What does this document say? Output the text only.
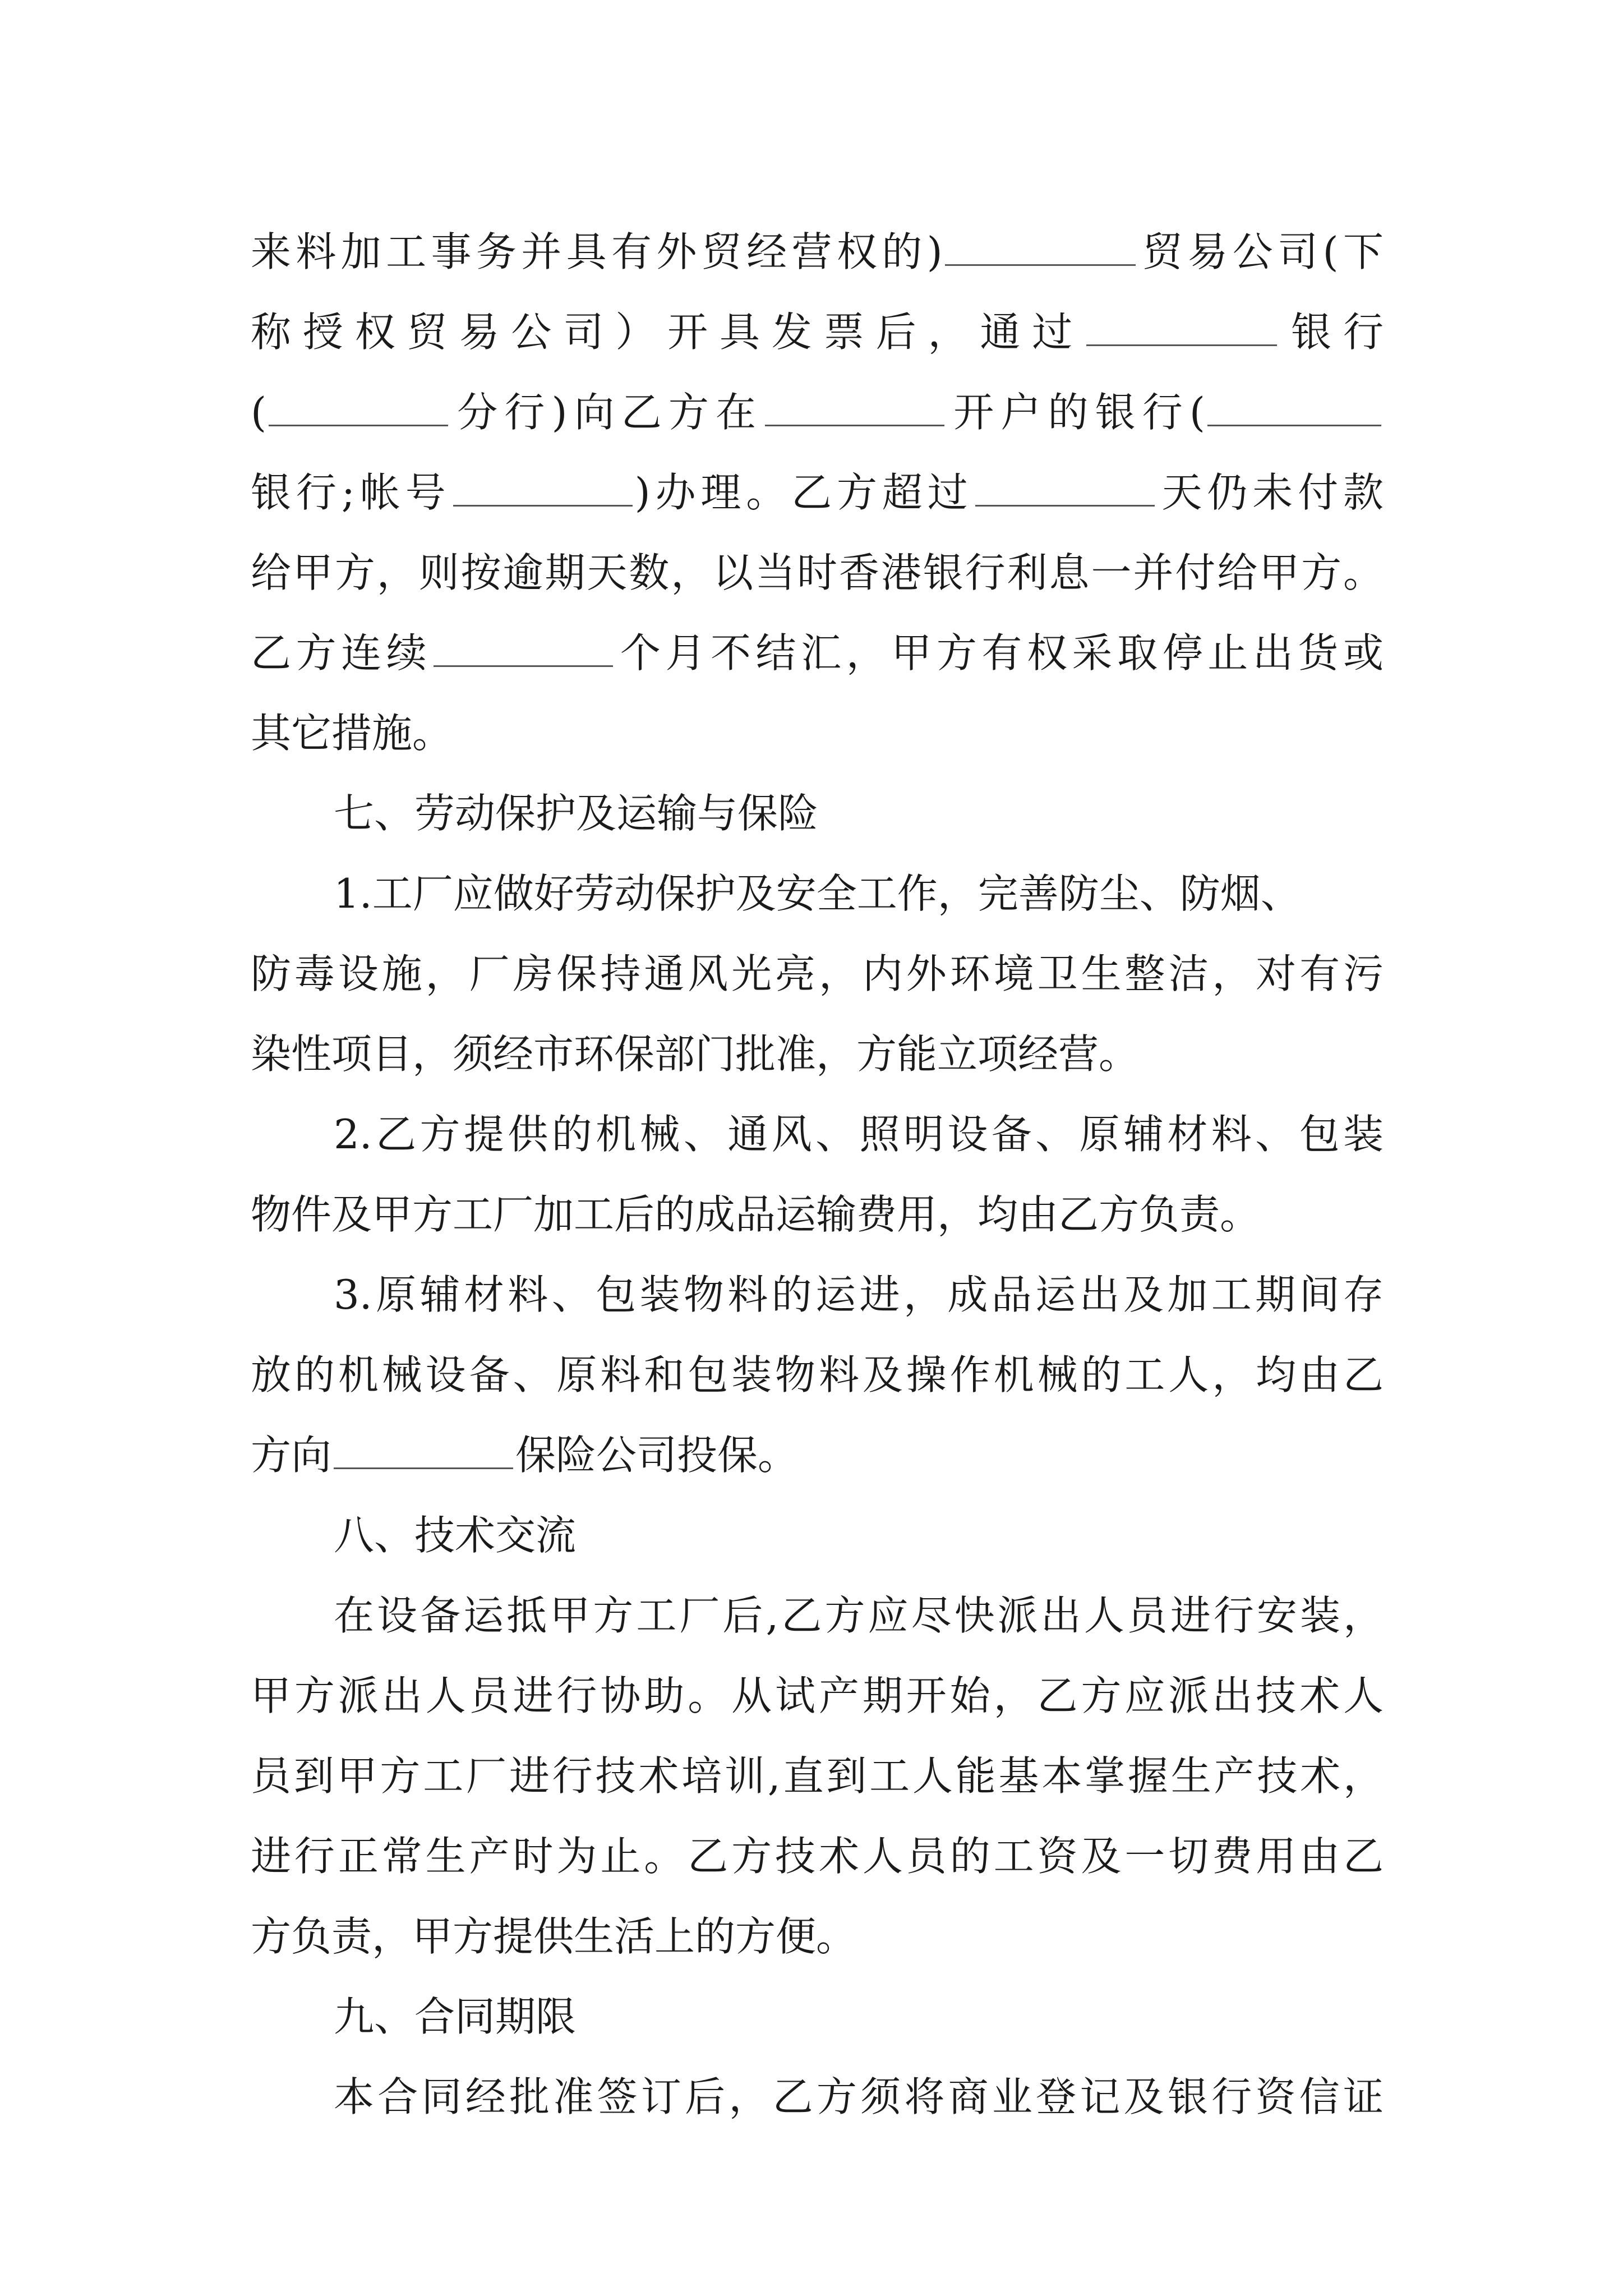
来料加工事务并具有外贸经营权的)	贸易公司(下
称授权贸易公司）开具发票后，通过	银行
(	分行)向乙方在	开户的银行(
银行;帐号	)办理。乙方超过	天仍未付款
给甲方，则按逾期天数，以当时香港银行利息一并付给甲方。
乙方连续	个月不结汇，甲方有权采取停止出货或
其它措施。
七、劳动保护及运输与保险
1.工厂应做好劳动保护及安全工作，完善防尘、防烟、
防毒设施，厂房保持通风光亮，内外环境卫生整洁，对有污
染性项目，须经市环保部门批准，方能立项经营。
2.乙方提供的机械、通风、照明设备、原辅材料、包装
物件及甲方工厂加工后的成品运输费用，均由乙方负责。
3.原辅材料、包装物料的运进，成品运出及加工期间存
放的机械设备、原料和包装物料及操作机械的工人，均由乙
方向	保险公司投保。
八、技术交流
在设备运抵甲方工厂后,乙方应尽快派出人员进行安装，
甲方派出人员进行协助。从试产期开始，乙方应派出技术人
员到甲方工厂进行技术培训,直到工人能基本掌握生产技术，
进行正常生产时为止。乙方技术人员的工资及一切费用由乙
方负责，甲方提供生活上的方便。
九、合同期限
本合同经批准签订后，乙方须将商业登记及银行资信证
